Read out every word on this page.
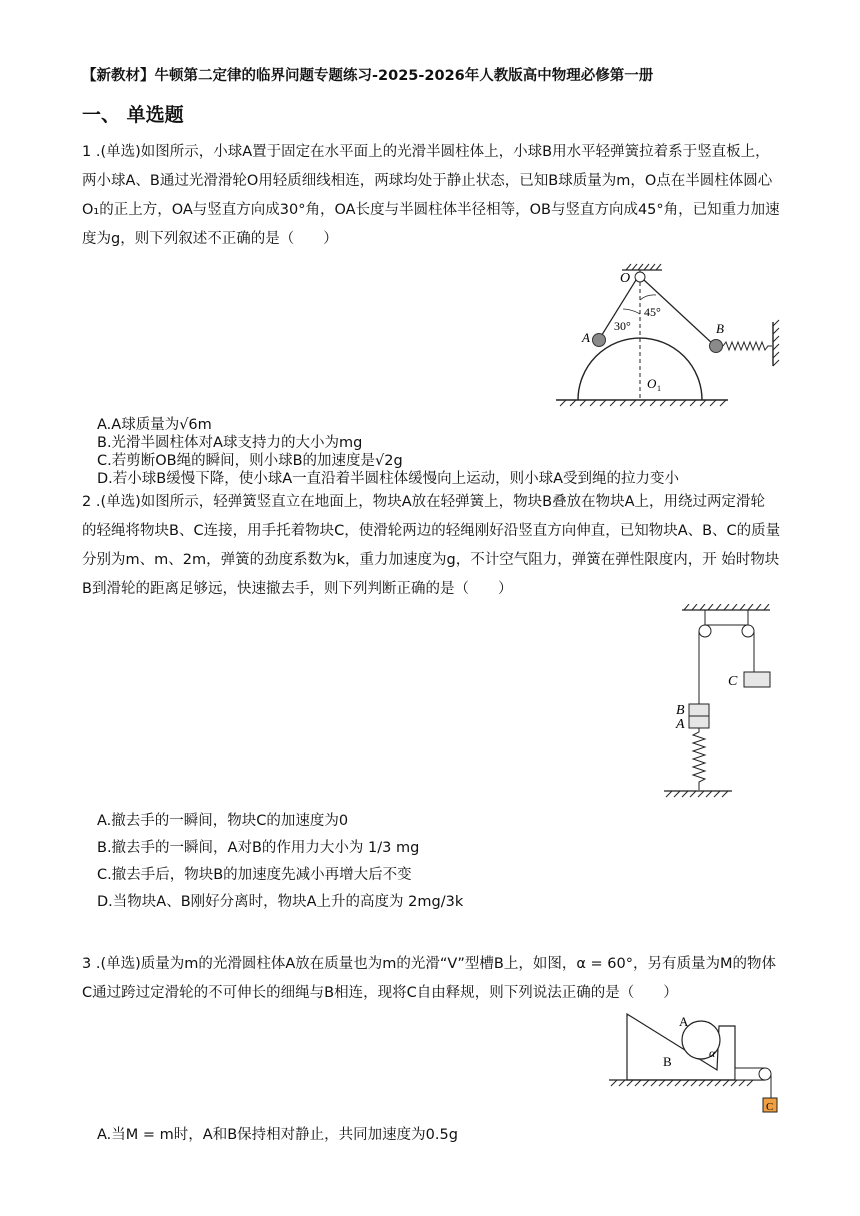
【新教材】牛顿第二定律的临界问题专题练习-2025-2026年人教版高中物理必修第一册
一、 单选题
1 .(单选)如图所示，小球A置于固定在水平面上的光滑半圆柱体上，小球B用水平轻弹簧拉着系于竖直板上，两小球A、B通过光滑滑轮O用轻质细线相连，两球均处于静止状态，已知B球质量为m，O点在半圆柱体圆心O₁的正上方，OA与竖直方向成30°角，OA长度与半圆柱体半径相等，OB与竖直方向成45°角，已知重力加速度为g，则下列叙述不正确的是（　　）
O
A
B
30°
45°
O 1
A.A球质量为√6m
B.光滑半圆柱体对A球支持力的大小为mg
C.若剪断OB绳的瞬间，则小球B的加速度是√2g
D.若小球B缓慢下降，使小球A一直沿着半圆柱体缓慢向上运动，则小球A受到绳的拉力变小
2 .(单选)如图所示，轻弹簧竖直立在地面上，物块A放在轻弹簧上，物块B叠放在物块A上，用绕过两定滑轮 的轻绳将物块B、C连接，用手托着物块C，使滑轮两边的轻绳刚好沿竖直方向伸直，已知物块A、B、C的质量分别为m、m、2m，弹簧的劲度系数为k，重力加速度为g，不计空气阻力，弹簧在弹性限度内，开 始时物块B到滑轮的距离足够远，快速撤去手，则下列判断正确的是（　　）
B
A
C
A.撤去手的一瞬间，物块C的加速度为0
B.撤去手的一瞬间，A对B的作用力大小为 1/3 mg
C.撤去手后，物块B的加速度先减小再增大后不变
D.当物块A、B刚好分离时，物块A上升的高度为 2mg/3k
3 .(单选)质量为m的光滑圆柱体A放在质量也为m的光滑“V”型槽B上，如图，α = 60°，另有质量为M的物体C通过跨过定滑轮的不可伸长的细绳与B相连，现将C自由释规，则下列说法正确的是（　　）
A
B
C
α
A.当M = m时，A和B保持相对静止，共同加速度为0.5g
